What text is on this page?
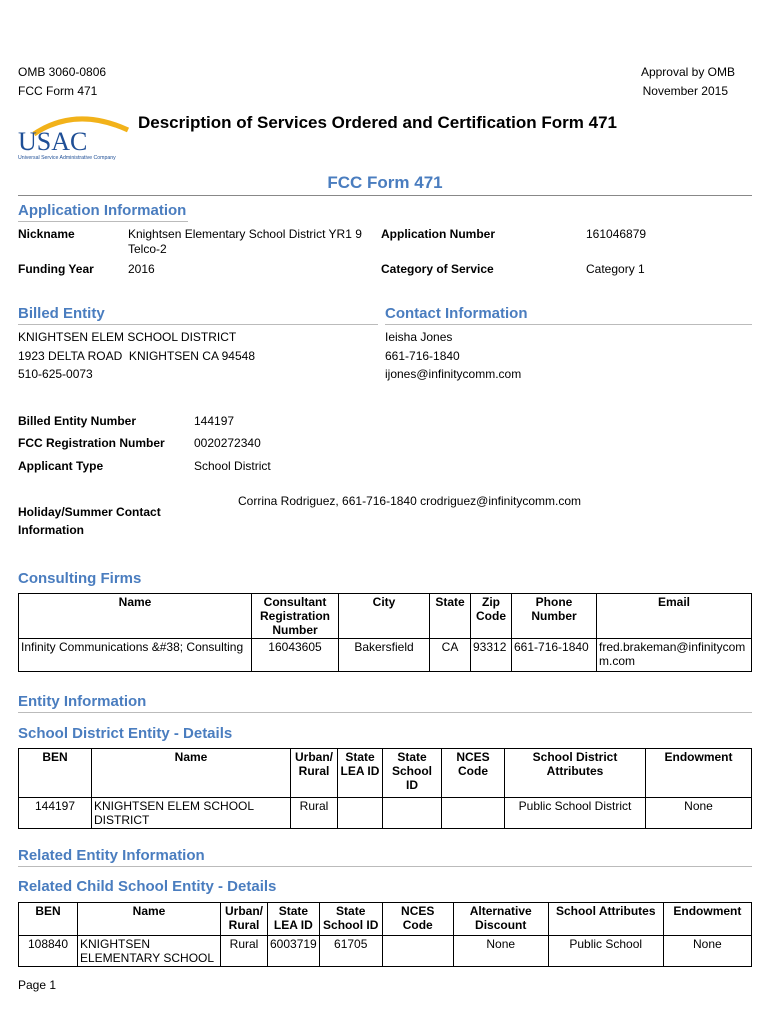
OMB 3060-0806
FCC Form 471
Approval by OMB
November 2015
USAC
Universal Service Administrative Company
Description of Services Ordered and Certification Form 471
FCC Form 471
Application Information
Nickname	Knightsen Elementary School District YR1 9 Telco-2
Application Number	161046879
Funding Year	2016	Category of Service	Category 1
Billed Entity	Contact Information
KNIGHTSEN ELEM SCHOOL DISTRICT
1923 DELTA ROAD  KNIGHTSEN CA 94548
510-625-0073
Ieisha Jones
661-716-1840
ijones@infinitycomm.com
Billed Entity Number	144197
FCC Registration Number 0020272340
Applicant Type	School District
Holiday/Summer Contact Information
Corrina Rodriguez, 661-716-1840 crodriguez@infinitycomm.com
Consulting Firms
Name	Consultant Registration Number	City	State	Zip Code	Phone Number	Email
Infinity Communications &#38; Consulting	16043605	Bakersfield	CA	93312	661-716-1840	fred.brakeman@infinitycomm.com
Entity Information
School District Entity - Details
BEN	Name	Urban/ Rural	State LEA ID	State School ID	NCES Code	School District Attributes	Endowment
144197	KNIGHTSEN ELEM SCHOOL DISTRICT	Rural				Public School District	None
Related Entity Information
Related Child School Entity - Details
BEN	Name	Urban/ Rural	State LEA ID	State School ID	NCES Code	Alternative Discount	School Attributes	Endowment
108840	KNIGHTSEN ELEMENTARY SCHOOL	Rural	6003719	61705		None	Public School	None
Page 1
